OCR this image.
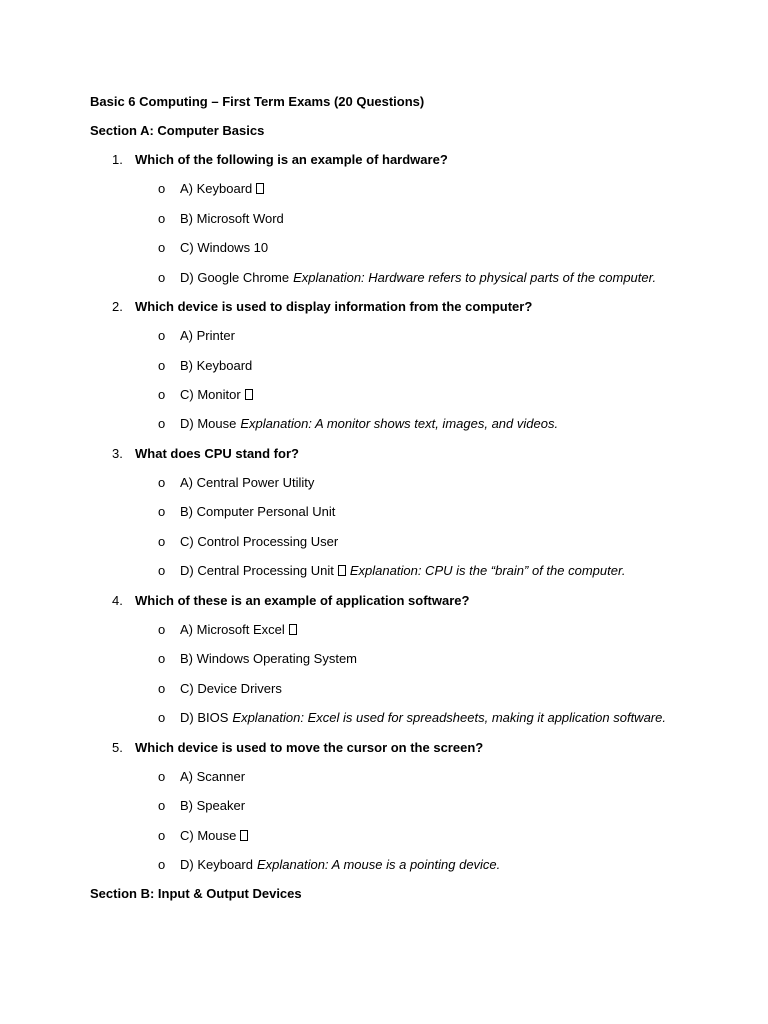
Basic 6 Computing – First Term Exams (20 Questions)
Section A: Computer Basics
1. Which of the following is an example of hardware?
o A) Keyboard
o B) Microsoft Word
o C) Windows 10
o D) Google Chrome Explanation: Hardware refers to physical parts of the computer.
2. Which device is used to display information from the computer?
o A) Printer
o B) Keyboard
o C) Monitor
o D) Mouse Explanation: A monitor shows text, images, and videos.
3. What does CPU stand for?
o A) Central Power Utility
o B) Computer Personal Unit
o C) Control Processing User
o D) Central Processing Unit Explanation: CPU is the “brain” of the computer.
4. Which of these is an example of application software?
o A) Microsoft Excel
o B) Windows Operating System
o C) Device Drivers
o D) BIOS Explanation: Excel is used for spreadsheets, making it application software.
5. Which device is used to move the cursor on the screen?
o A) Scanner
o B) Speaker
o C) Mouse
o D) Keyboard Explanation: A mouse is a pointing device.
Section B: Input & Output Devices
